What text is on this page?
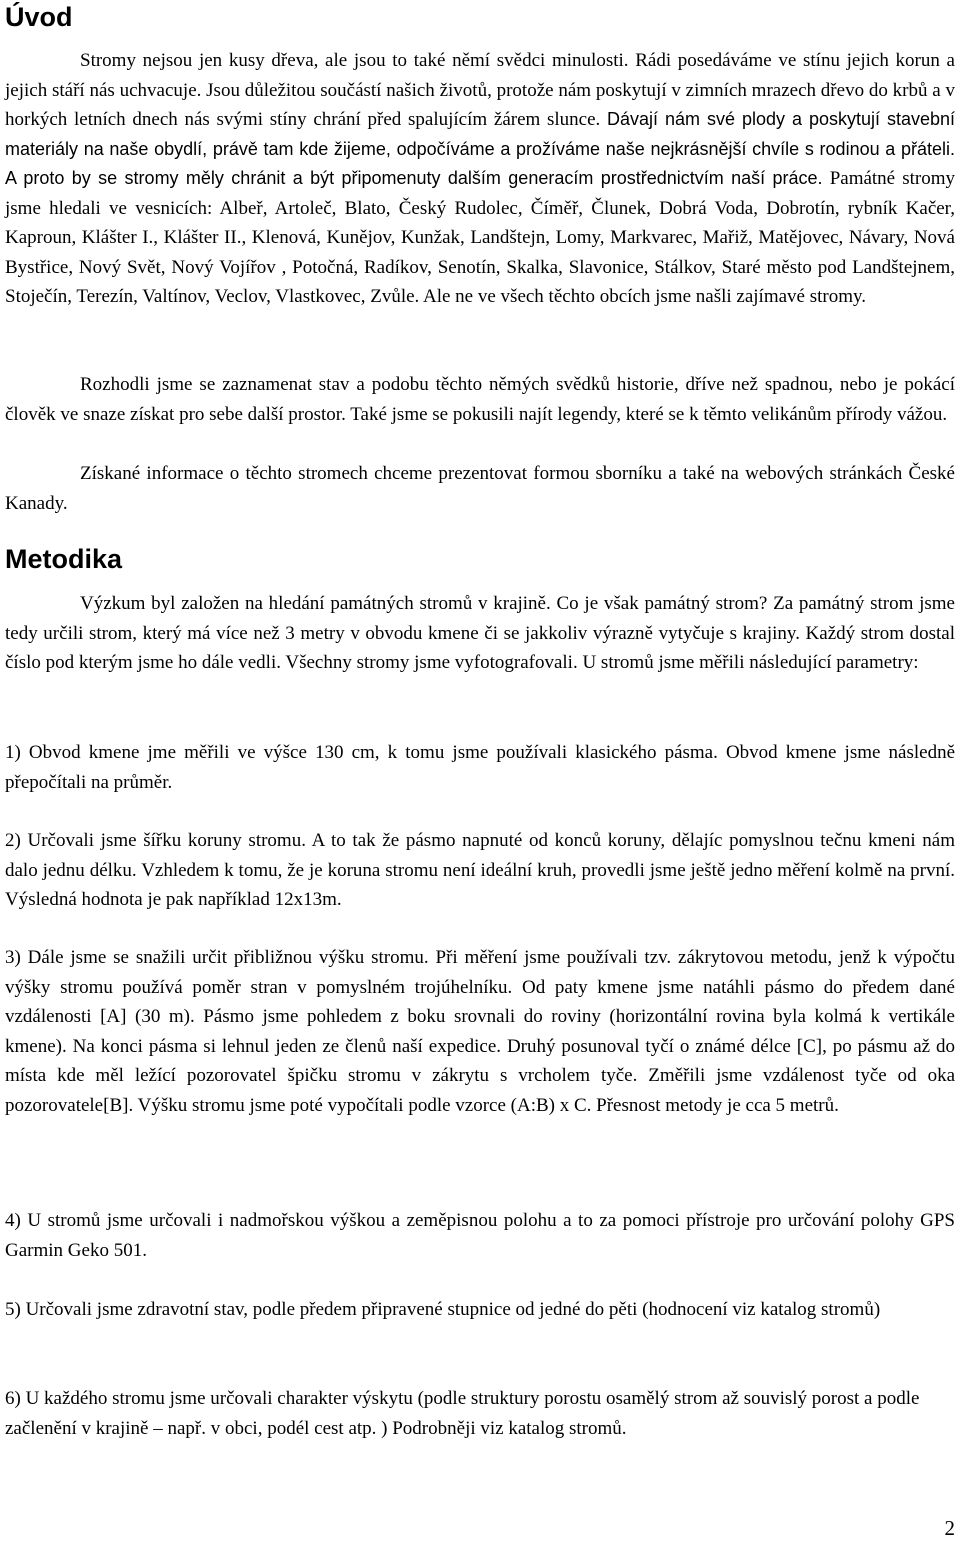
Úvod

Stromy nejsou jen kusy dřeva, ale jsou to také němí svědci minulosti. Rádi posedáváme ve stínu jejich korun a jejich stáří nás uchvacuje. Jsou důležitou součástí našich životů, protože nám poskytují v zimních mrazech dřevo do krbů a v horkých letních dnech nás svými stíny chrání před spalujícím žárem slunce. Dávají nám své plody a poskytují stavební materiály na naše obydlí, právě tam kde žijeme, odpočíváme a prožíváme naše nejkrásnější chvíle s rodinou a přáteli. A proto by se stromy měly chránit a být připomenuty dalším generacím prostřednictvím naší práce. Památné stromy jsme hledali ve vesnicích: Albeř, Artoleč, Blato, Český Rudolec, Číměř, Člunek, Dobrá Voda, Dobrotín, rybník Kačer, Kaproun, Klášter I., Klášter II., Klenová, Kunějov, Kunžak, Landštejn, Lomy, Markvarec, Mařiž, Matějovec, Návary, Nová Bystřice, Nový Svět, Nový Vojířov , Potočná, Radíkov, Senotín, Skalka, Slavonice, Stálkov, Staré město pod Landštejnem, Stoječín, Terezín, Valtínov, Veclov, Vlastkovec, Zvůle. Ale ne ve všech těchto obcích jsme našli zajímavé stromy.

Rozhodli jsme se zaznamenat stav a podobu těchto němých svědků historie, dříve než spadnou, nebo je pokácí člověk ve snaze získat pro sebe další prostor. Také jsme se pokusili najít legendy, které se k těmto velikánům přírody vážou.

Získané informace o těchto stromech chceme prezentovat formou sborníku a také na webových stránkách České Kanady.

Metodika

Výzkum byl založen na hledání památných stromů v krajině. Co je však památný strom? Za památný strom jsme tedy určili strom, který má více než 3 metry v obvodu kmene či se jakkoliv výrazně vytyčuje s krajiny. Každý strom dostal číslo pod kterým jsme ho dále vedli. Všechny stromy jsme vyfotografovali. U stromů jsme měřili následující parametry:

1) Obvod kmene jme měřili ve výšce 130 cm, k tomu jsme používali klasického pásma. Obvod kmene jsme následně přepočítali na průměr.

2) Určovali jsme šířku koruny stromu. A to tak že pásmo napnuté od konců koruny, dělajíc pomyslnou tečnu kmeni nám dalo jednu délku. Vzhledem k tomu, že je koruna stromu není ideální kruh, provedli jsme ještě jedno měření kolmě na první. Výsledná hodnota je pak například 12x13m.

3) Dále jsme se snažili určit přibližnou výšku stromu. Při měření jsme používali tzv. zákrytovou metodu, jenž k výpočtu výšky stromu používá poměr stran v pomyslném trojúhelníku. Od paty kmene jsme natáhli pásmo do předem dané vzdálenosti [A] (30 m). Pásmo jsme pohledem z boku srovnali do roviny (horizontální rovina byla kolmá k vertikále kmene). Na konci pásma si lehnul jeden ze členů naší expedice. Druhý posunoval tyčí o známé délce [C], po pásmu až do místa kde měl ležící pozorovatel špičku stromu v zákrytu s vrcholem tyče. Změřili jsme vzdálenost tyče od oka pozorovatele[B]. Výšku stromu jsme poté vypočítali podle vzorce (A:B) x C. Přesnost metody je cca 5 metrů.

4) U stromů jsme určovali i nadmořskou výškou a zeměpisnou polohu a to za pomoci přístroje pro určování polohy GPS Garmin Geko 501.

5) Určovali jsme zdravotní stav, podle předem připravené stupnice od jedné do pěti (hodnocení viz katalog stromů)

6) U každého stromu jsme určovali charakter výskytu (podle struktury porostu osamělý strom až souvislý porost a podle začlenění v krajině – např. v obci, podél cest atp. ) Podrobněji viz katalog stromů.

2
